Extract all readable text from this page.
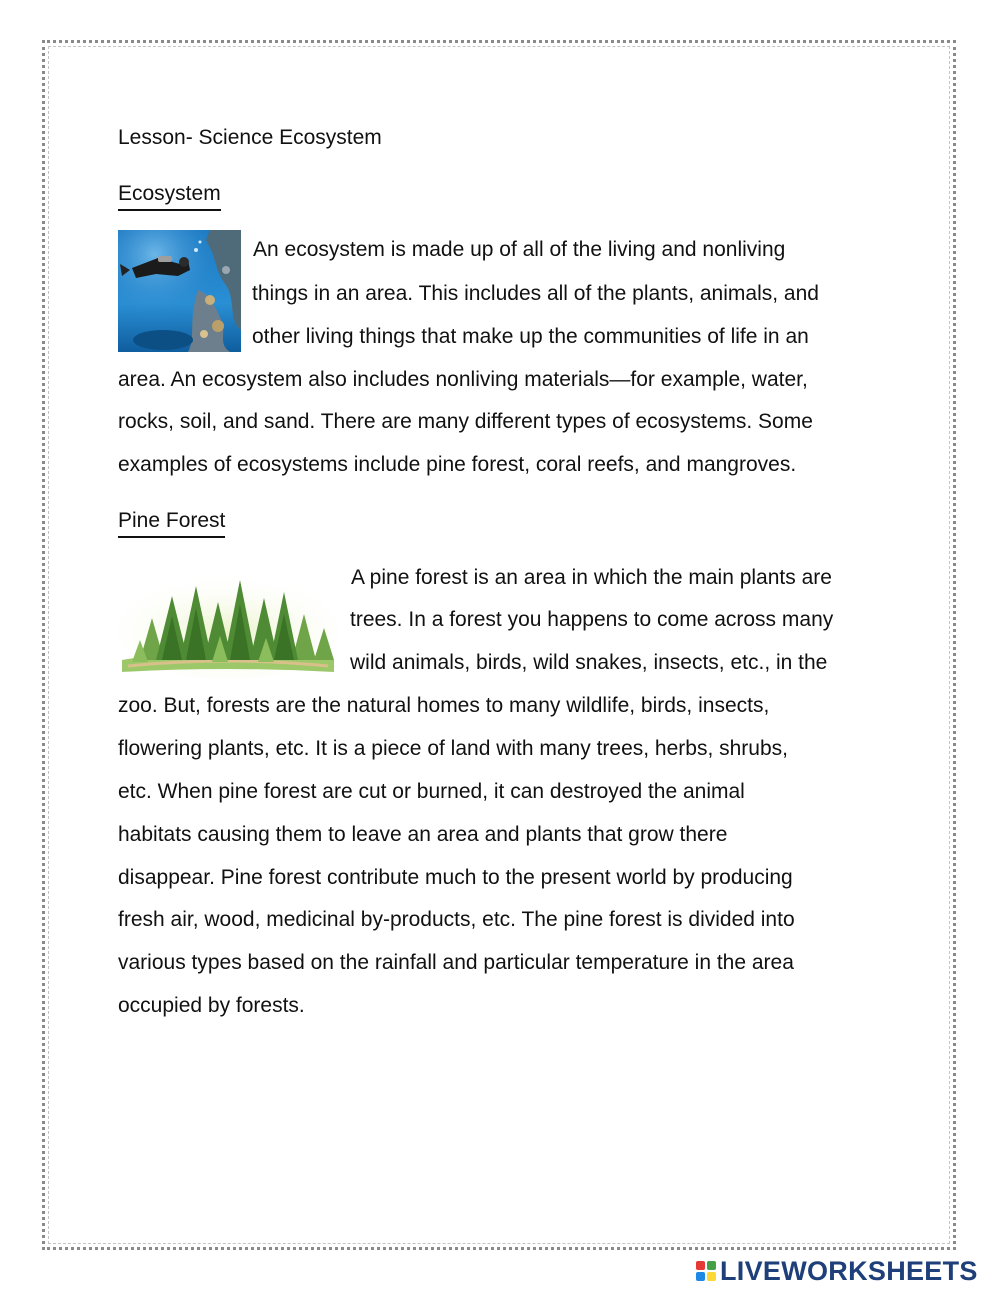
Lesson- Science Ecosystem

Ecosystem

An ecosystem is made up of all of the living and nonliving

things in an area. This includes all of the plants, animals, and

other living things that make up the communities of life in an

area. An ecosystem also includes nonliving materials—for example, water,

rocks, soil, and sand. There are many different types of ecosystems. Some

examples of ecosystems include pine forest, coral reefs, and mangroves.

Pine Forest

A pine forest is an area in which the main plants are

trees. In a forest you happens to come across many

wild animals, birds, wild snakes, insects, etc., in the

zoo. But, forests are the natural homes to many wildlife, birds, insects,

flowering plants, etc. It is a piece of land with many trees, herbs, shrubs,

etc. When pine forest are cut or burned, it can destroyed the animal

habitats causing them to leave an area and plants that grow there

disappear. Pine forest contribute much to the present world by producing

fresh air, wood, medicinal by-products, etc. The pine forest is divided into

various types based on the rainfall and particular temperature in the area

occupied by forests.

LIVEWORKSHEETS
